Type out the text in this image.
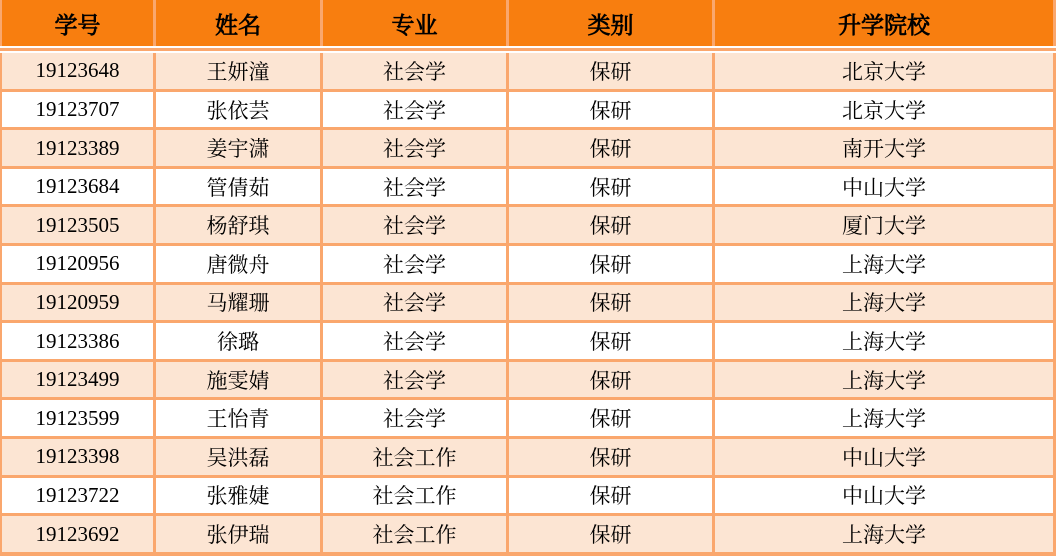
学号	姓名	专业	类别	升学院校

19123648	王妍潼	社会学	保研	北京大学
19123707	张依芸	社会学	保研	北京大学
19123389	姜宇潇	社会学	保研	南开大学
19123684	管倩茹	社会学	保研	中山大学
19123505	杨舒琪	社会学	保研	厦门大学
19120956	唐微舟	社会学	保研	上海大学
19120959	马耀珊	社会学	保研	上海大学
19123386	徐璐	社会学	保研	上海大学
19123499	施雯婧	社会学	保研	上海大学
19123599	王怡青	社会学	保研	上海大学
19123398	吴洪磊	社会工作	保研	中山大学
19123722	张雅婕	社会工作	保研	中山大学
19123692	张伊瑞	社会工作	保研	上海大学
